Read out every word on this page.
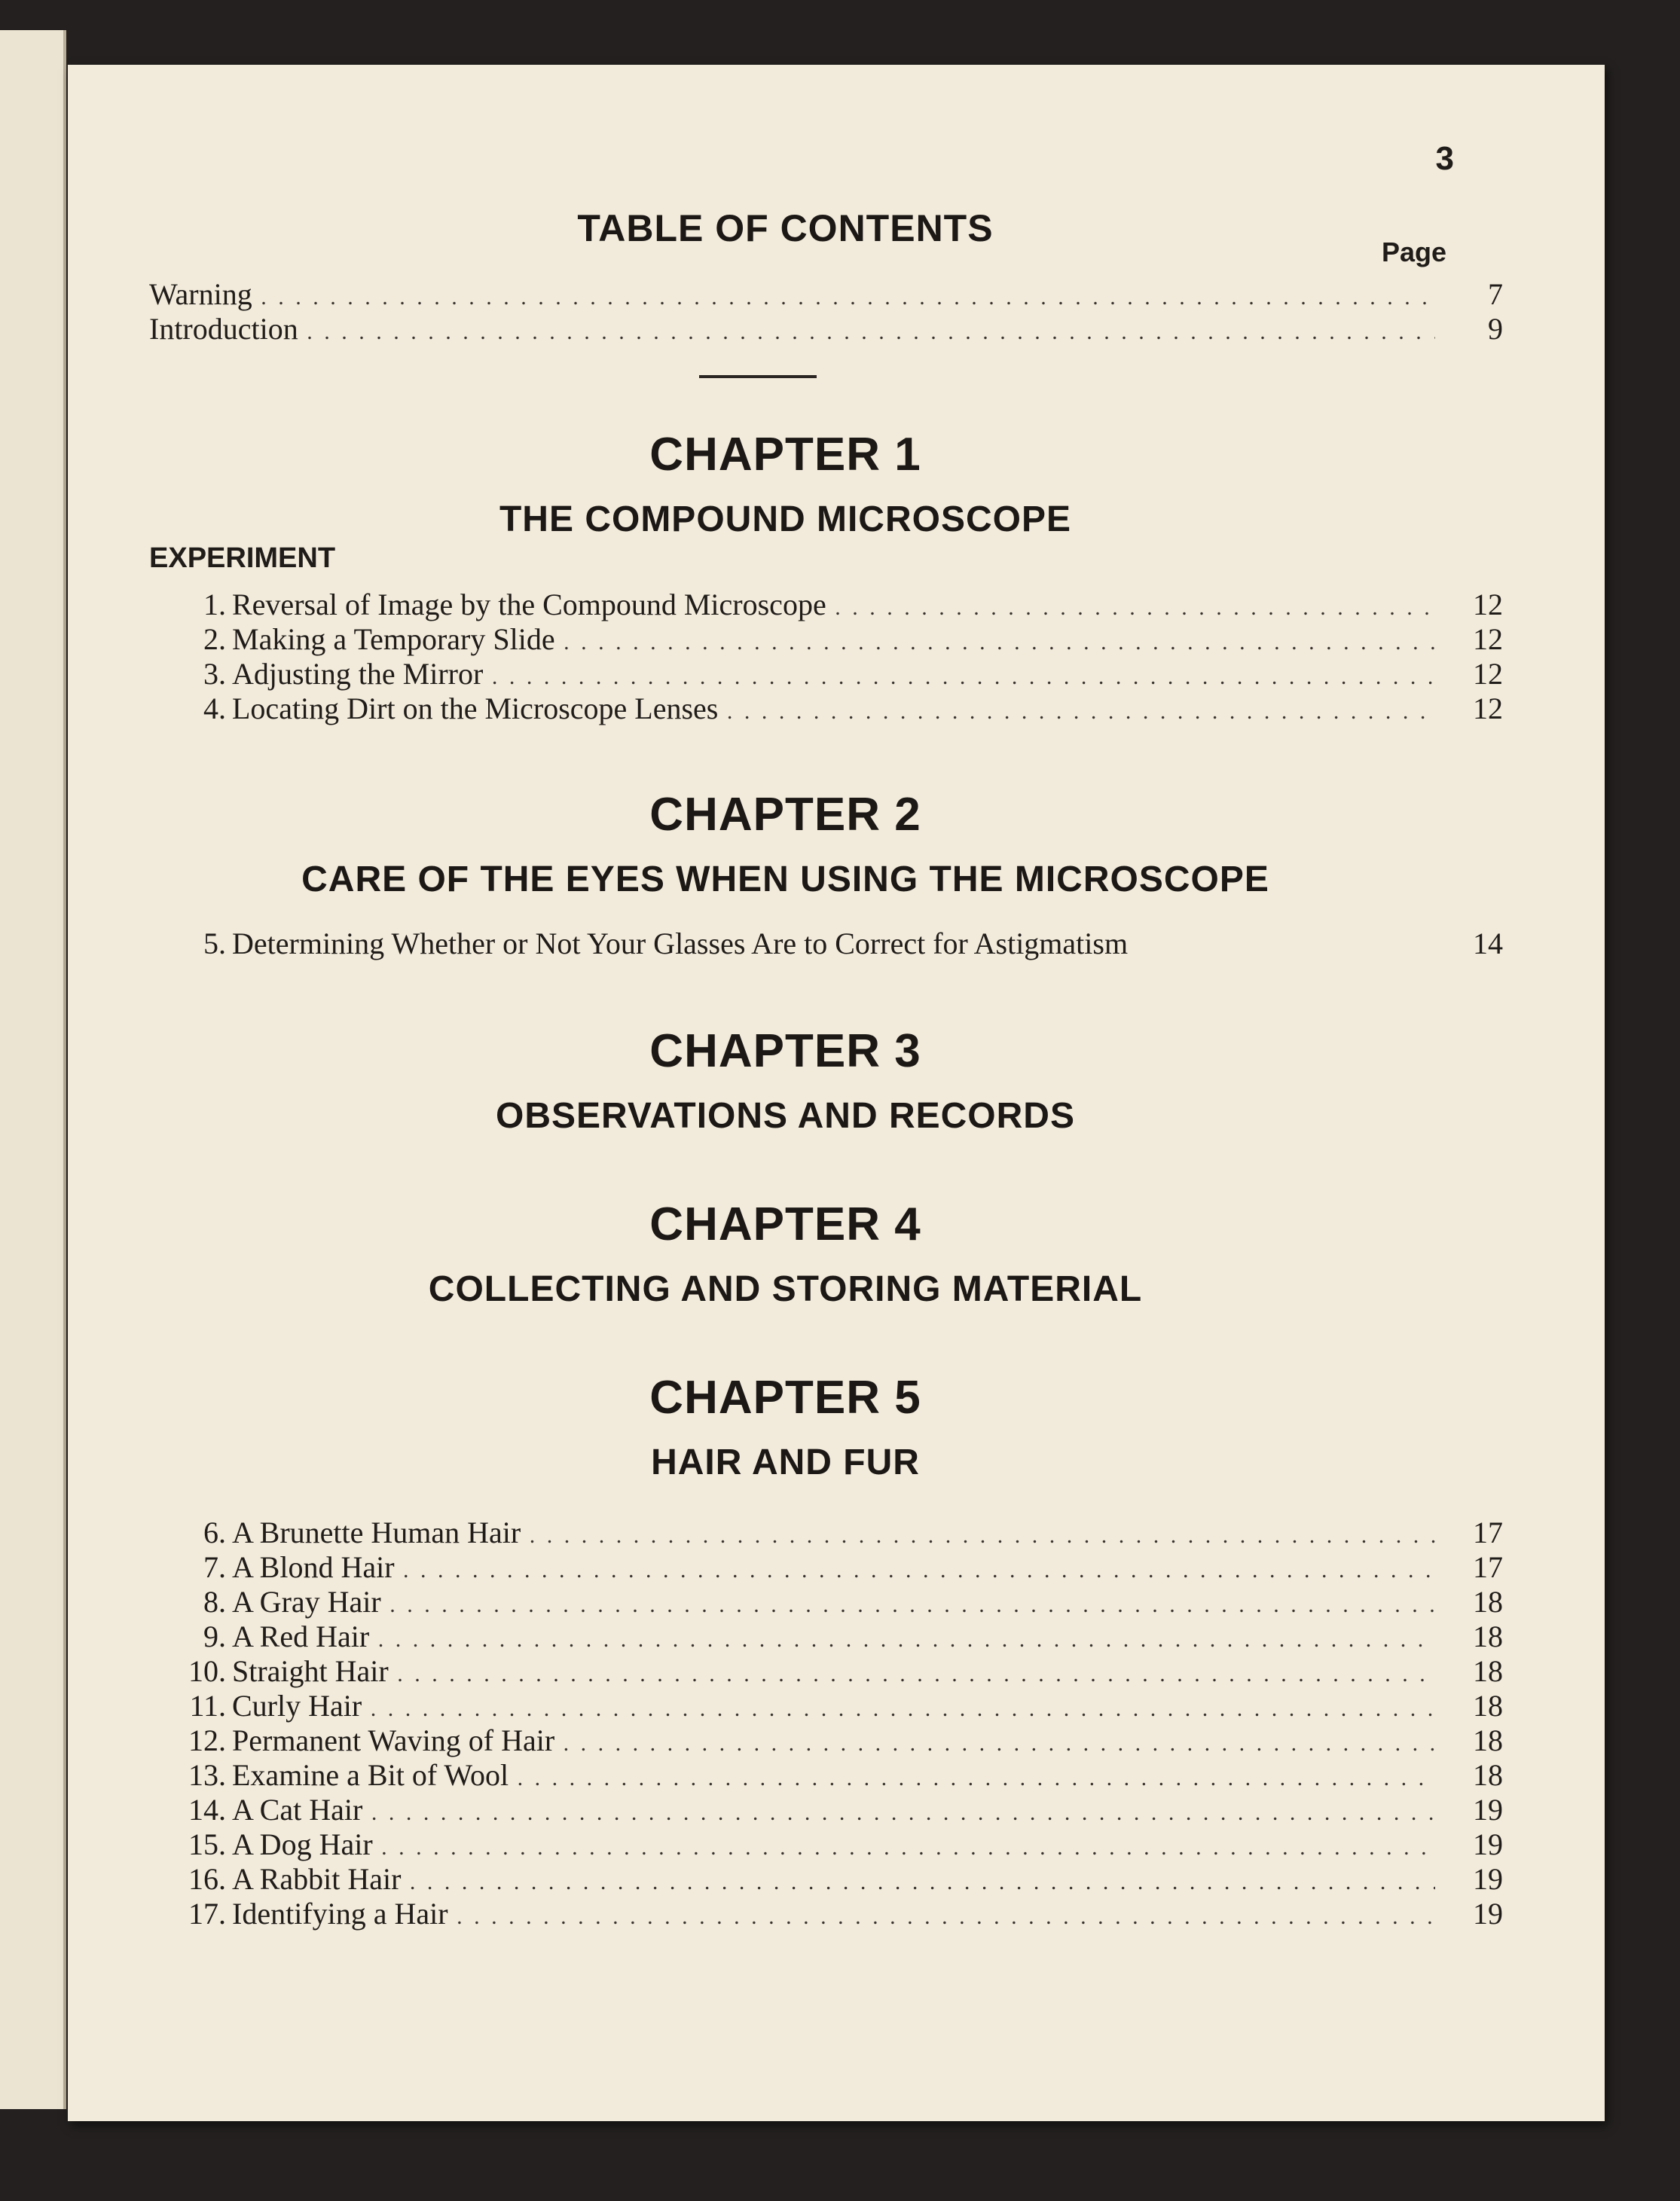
3
TABLE OF CONTENTS
Page
Warning . . .	7
Introduction . . .	9
CHAPTER 1
THE COMPOUND MICROSCOPE
EXPERIMENT
1. Reversal of Image by the Compound Microscope . . .	12
2. Making a Temporary Slide . . .	12
3. Adjusting the Mirror . . .	12
4. Locating Dirt on the Microscope Lenses . . .	12
CHAPTER 2
CARE OF THE EYES WHEN USING THE MICROSCOPE
5. Determining Whether or Not Your Glasses Are to Correct for Astigmatism	14
CHAPTER 3
OBSERVATIONS AND RECORDS
CHAPTER 4
COLLECTING AND STORING MATERIAL
CHAPTER 5
HAIR AND FUR
6. A Brunette Human Hair . . .	17
7. A Blond Hair . . .	17
8. A Gray Hair . . .	18
9. A Red Hair . . .	18
10. Straight Hair . . .	18
11. Curly Hair . . .	18
12. Permanent Waving of Hair . . .	18
13. Examine a Bit of Wool . . .	18
14. A Cat Hair . . .	19
15. A Dog Hair . . .	19
16. A Rabbit Hair . . .	19
17. Identifying a Hair . . .	19
